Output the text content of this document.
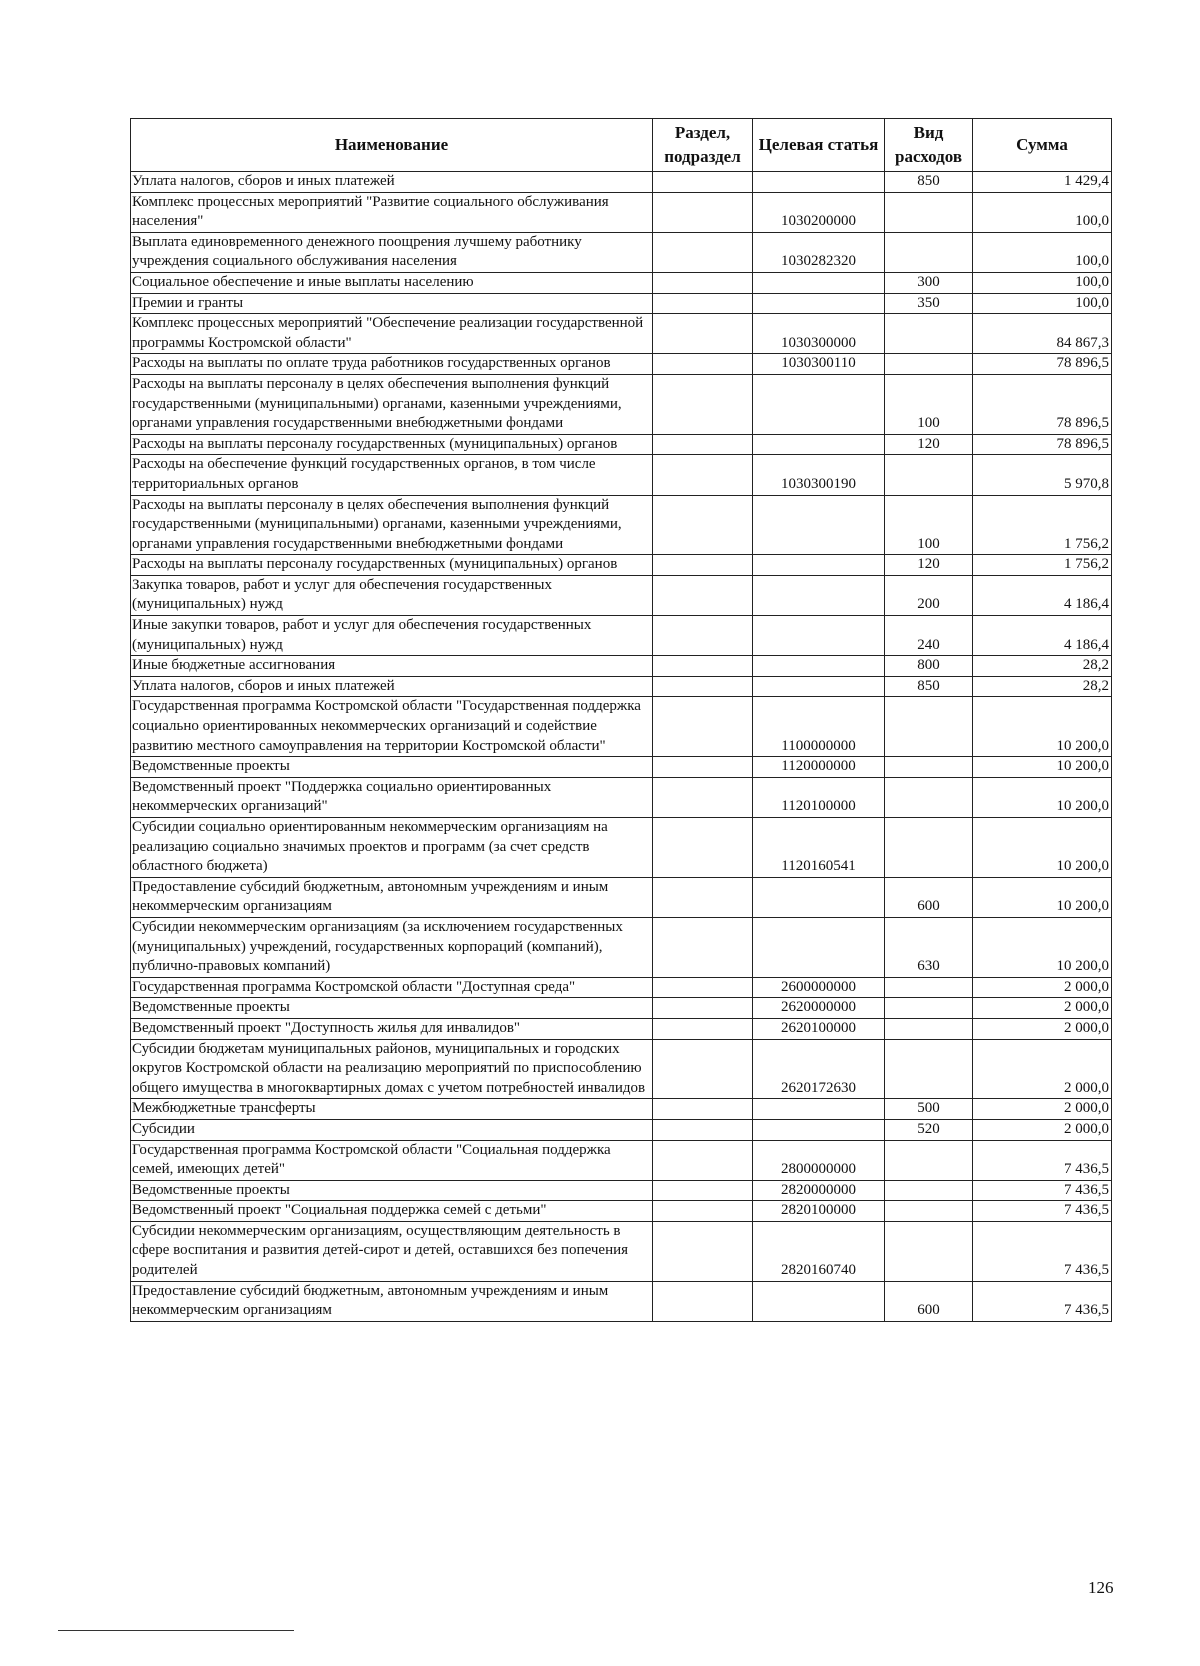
Наименование	Раздел, подраздел	Целевая статья	Вид расходов	Сумма
Уплата налогов, сборов и иных платежей			850	1 429,4
Комплекс процессных мероприятий "Развитие социального обслуживания населения"		1030200000		100,0
Выплата единовременного денежного поощрения лучшему работнику учреждения социального обслуживания населения		1030282320		100,0
Социальное обеспечение и иные выплаты населению			300	100,0
Премии и гранты			350	100,0
Комплекс процессных мероприятий "Обеспечение реализации государственной программы Костромской области"		1030300000		84 867,3
Расходы на выплаты по оплате труда работников государственных органов		1030300110		78 896,5
Расходы на выплаты персоналу в целях обеспечения выполнения функций государственными (муниципальными) органами, казенными учреждениями, органами управления государственными внебюджетными фондами			100	78 896,5
Расходы на выплаты персоналу государственных (муниципальных) органов			120	78 896,5
Расходы на обеспечение функций государственных органов, в том числе территориальных органов		1030300190		5 970,8
Расходы на выплаты персоналу в целях обеспечения выполнения функций государственными (муниципальными) органами, казенными учреждениями, органами управления государственными внебюджетными фондами			100	1 756,2
Расходы на выплаты персоналу государственных (муниципальных) органов			120	1 756,2
Закупка товаров, работ и услуг для обеспечения государственных (муниципальных) нужд			200	4 186,4
Иные закупки товаров, работ и услуг для обеспечения государственных (муниципальных) нужд			240	4 186,4
Иные бюджетные ассигнования			800	28,2
Уплата налогов, сборов и иных платежей			850	28,2
Государственная программа Костромской области "Государственная поддержка социально ориентированных некоммерческих организаций и содействие развитию местного самоуправления на территории Костромской области"		1100000000		10 200,0
Ведомственные проекты		1120000000		10 200,0
Ведомственный проект "Поддержка социально ориентированных некоммерческих организаций"		1120100000		10 200,0
Субсидии социально ориентированным некоммерческим организациям на реализацию социально значимых проектов и программ (за счет средств областного бюджета)		1120160541		10 200,0
Предоставление субсидий бюджетным, автономным учреждениям и иным некоммерческим организациям			600	10 200,0
Субсидии некоммерческим организациям (за исключением государственных (муниципальных) учреждений, государственных корпораций (компаний), публично-правовых компаний)			630	10 200,0
Государственная программа Костромской области "Доступная среда"		2600000000		2 000,0
Ведомственные проекты		2620000000		2 000,0
Ведомственный проект "Доступность жилья для инвалидов"		2620100000		2 000,0
Субсидии бюджетам муниципальных районов, муниципальных и городских округов Костромской области на реализацию мероприятий по приспособлению общего имущества в многоквартирных домах с учетом потребностей инвалидов		2620172630		2 000,0
Межбюджетные трансферты			500	2 000,0
Субсидии			520	2 000,0
Государственная программа Костромской области "Социальная поддержка семей, имеющих детей"		2800000000		7 436,5
Ведомственные проекты		2820000000		7 436,5
Ведомственный проект "Социальная поддержка семей с детьми"		2820100000		7 436,5
Субсидии некоммерческим организациям, осуществляющим деятельность в сфере воспитания и развития детей-сирот и детей, оставшихся без попечения родителей		2820160740		7 436,5
Предоставление субсидий бюджетным, автономным учреждениям и иным некоммерческим организациям			600	7 436,5
126
